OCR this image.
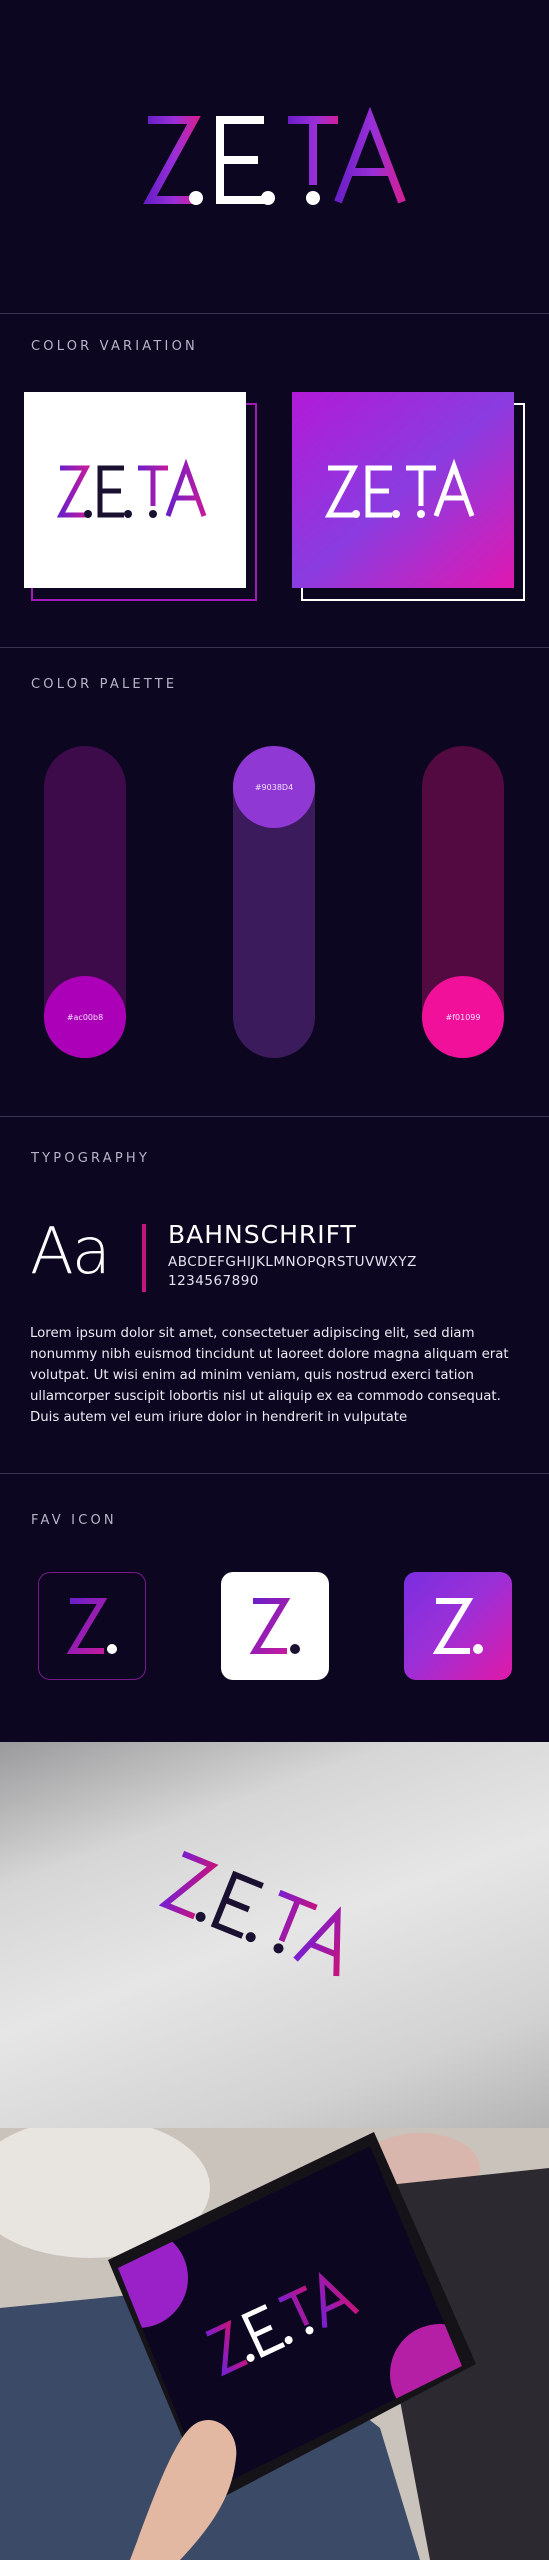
COLOR VARIATION
COLOR PALETTE
#ac00b8
#9038D4
#f01099
TYPOGRAPHY
Aa BAHNSCHRIFT
ABCDEFGHIJKLMNOPQRSTUVWXYZ
1234567890
Lorem ipsum dolor sit amet, consectetuer adipiscing elit, sed diam nonummy nibh euismod tincidunt ut laoreet dolore magna aliquam erat volutpat. Ut wisi enim ad minim veniam, quis nostrud exerci tation ullamcorper suscipit lobortis nisl ut aliquip ex ea commodo consequat. Duis autem vel eum iriure dolor in hendrerit in vulputate
FAV ICON
